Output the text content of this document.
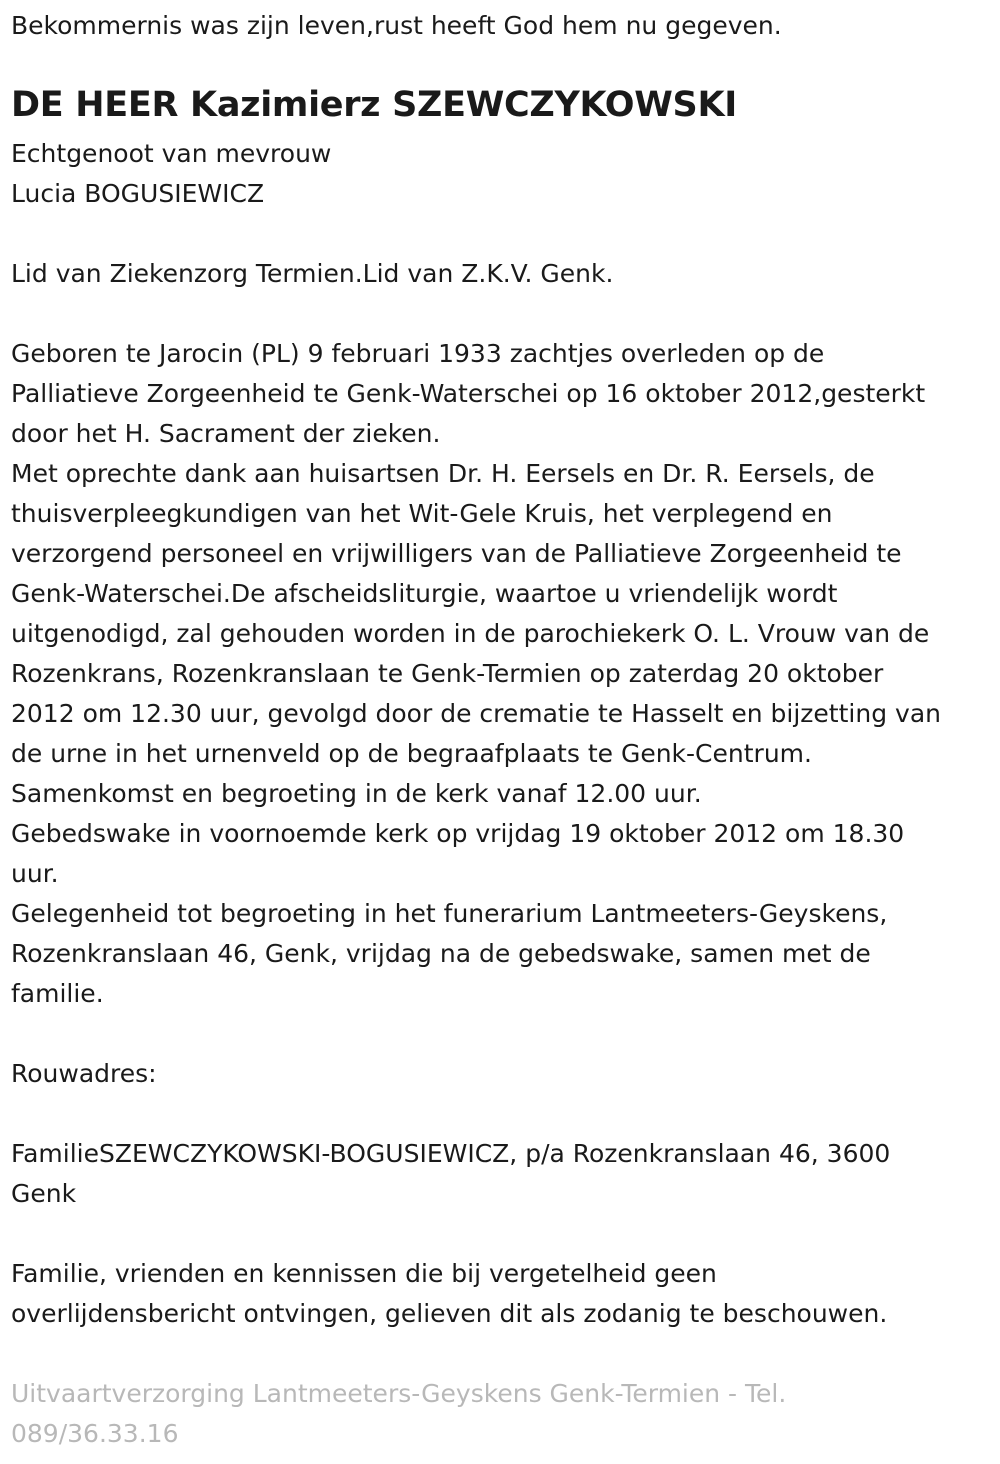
Bekommernis was zijn leven,rust heeft God hem nu gegeven.
DE HEER Kazimierz SZEWCZYKOWSKI
Echtgenoot van mevrouw
Lucia BOGUSIEWICZ
Lid van Ziekenzorg Termien.Lid van Z.K.V. Genk.
Geboren te Jarocin (PL) 9 februari 1933 zachtjes overleden op de
Palliatieve Zorgeenheid te Genk-Waterschei op 16 oktober 2012,gesterkt
door het H. Sacrament der zieken.
Met oprechte dank aan huisartsen Dr. H. Eersels en Dr. R. Eersels, de
thuisverpleegkundigen van het Wit-Gele Kruis, het verplegend en
verzorgend personeel en vrijwilligers van de Palliatieve Zorgeenheid te
Genk-Waterschei.De afscheidsliturgie, waartoe u vriendelijk wordt
uitgenodigd, zal gehouden worden in de parochiekerk O. L. Vrouw van de
Rozenkrans, Rozenkranslaan te Genk-Termien op zaterdag 20 oktober
2012 om 12.30 uur, gevolgd door de crematie te Hasselt en bijzetting van
de urne in het urnenveld op de begraafplaats te Genk-Centrum.
Samenkomst en begroeting in de kerk vanaf 12.00 uur.
Gebedswake in voornoemde kerk op vrijdag 19 oktober 2012 om 18.30
uur.
Gelegenheid tot begroeting in het funerarium Lantmeeters-Geyskens,
Rozenkranslaan 46, Genk, vrijdag na de gebedswake, samen met de
familie.
Rouwadres:
FamilieSZEWCZYKOWSKI-BOGUSIEWICZ, p/a Rozenkranslaan 46, 3600
Genk
Familie, vrienden en kennissen die bij vergetelheid geen
overlijdensbericht ontvingen, gelieven dit als zodanig te beschouwen.
Uitvaartverzorging Lantmeeters-Geyskens Genk-Termien - Tel.
089/36.33.16
